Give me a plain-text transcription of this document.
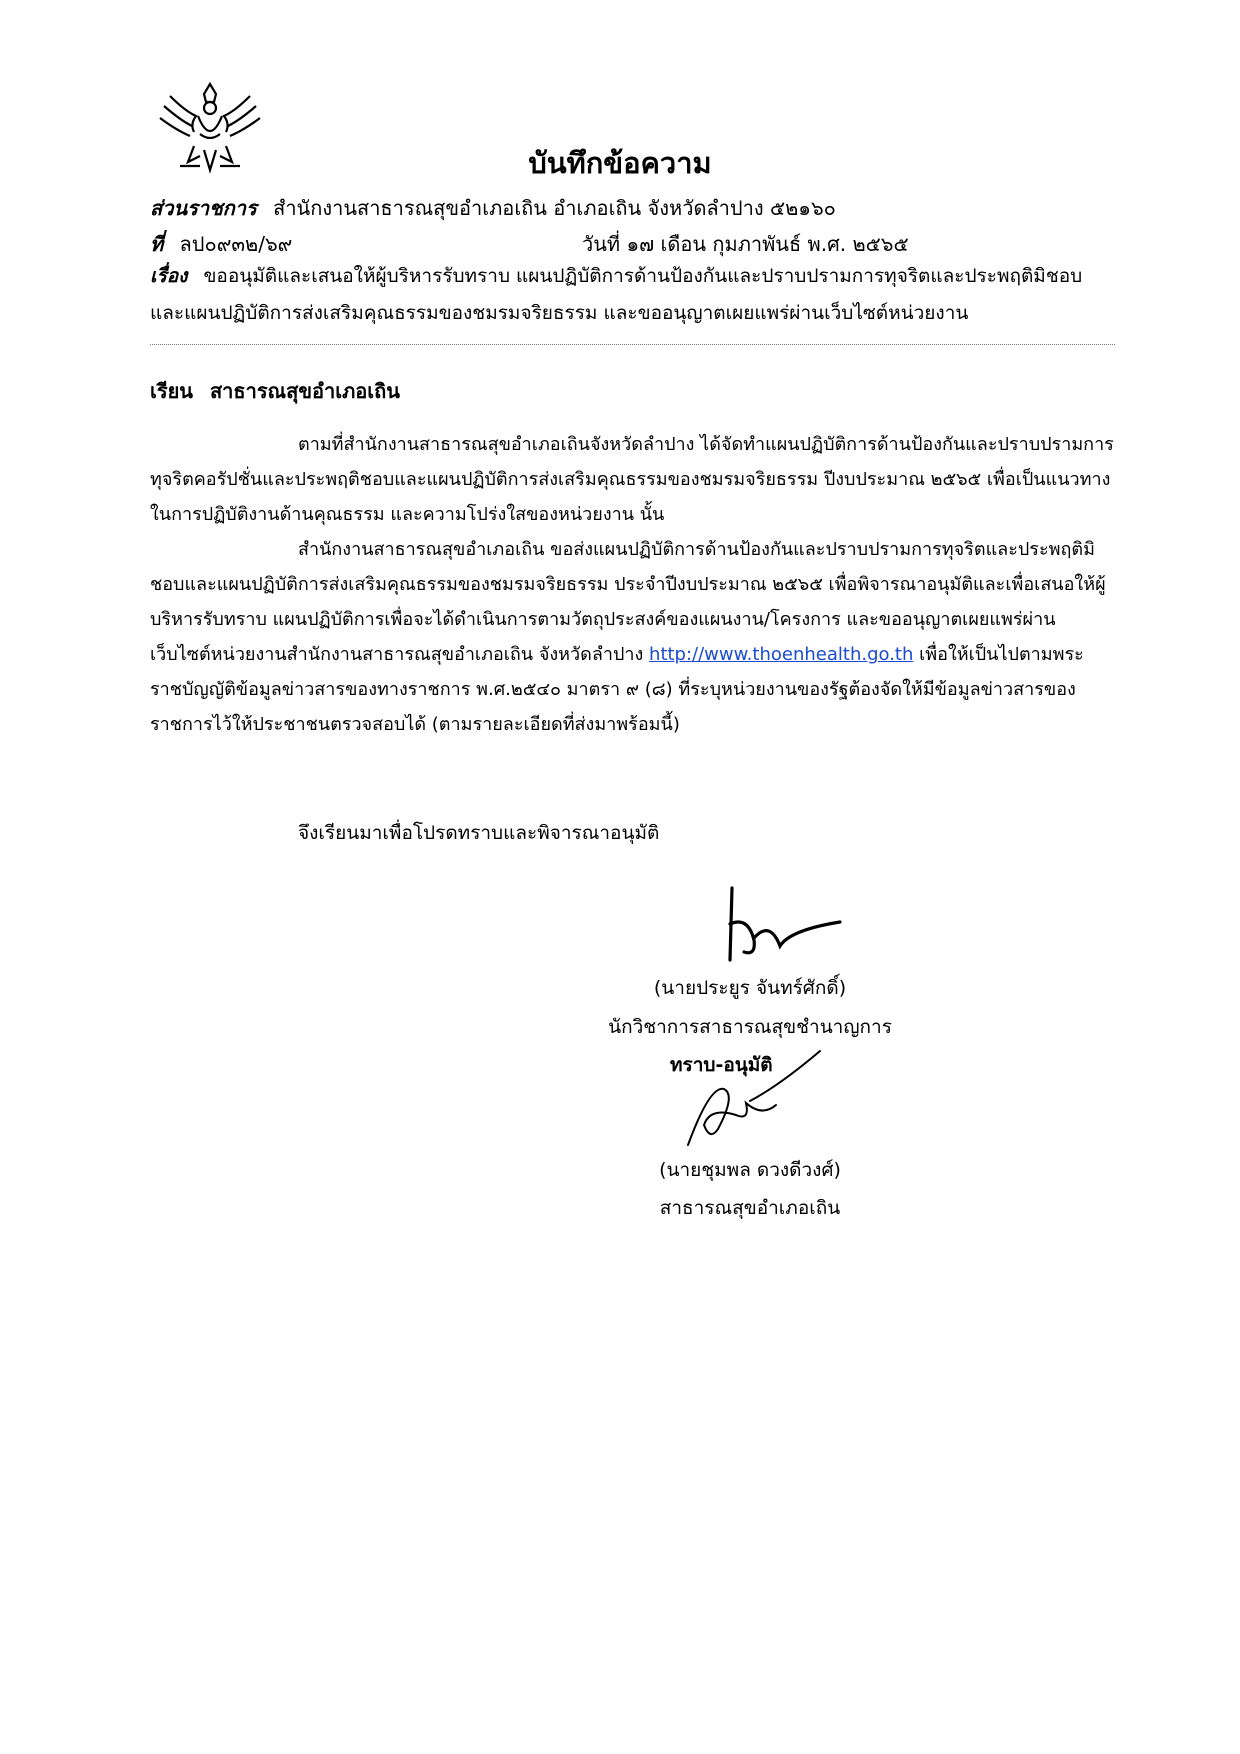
บันทึกข้อความ
ส่วนราชการ สำนักงานสาธารณสุขอำเภอเถิน อำเภอเถิน จังหวัดลำปาง ๕๒๑๖๐
ที่ ลป๐๙๓๒/๖๙	วันที่ ๑๗ เดือน กุมภาพันธ์ พ.ศ. ๒๕๖๕
เรื่อง ขออนุมัติและเสนอให้ผู้บริหารรับทราบ แผนปฏิบัติการด้านป้องกันและปราบปรามการทุจริตและประพฤติมิชอบและแผนปฏิบัติการส่งเสริมคุณธรรมของชมรมจริยธรรม และขออนุญาตเผยแพร่ผ่านเว็บไซต์หน่วยงาน
เรียน สาธารณสุขอำเภอเถิน

ตามที่สำนักงานสาธารณสุขอำเภอเถินจังหวัดลำปาง ได้จัดทำแผนปฏิบัติการด้านป้องกันและปราบปรามการทุจริตคอรัปชั่นและประพฤติชอบและแผนปฏิบัติการส่งเสริมคุณธรรมของชมรมจริยธรรม ปีงบประมาณ ๒๕๖๕ เพื่อเป็นแนวทางในการปฏิบัติงานด้านคุณธรรม และความโปร่งใสของหน่วยงาน นั้น

สำนักงานสาธารณสุขอำเภอเถิน ขอส่งแผนปฏิบัติการด้านป้องกันและปราบปรามการทุจริตและประพฤติมิชอบและแผนปฏิบัติการส่งเสริมคุณธรรมของชมรมจริยธรรม ประจำปีงบประมาณ ๒๕๖๕ เพื่อพิจารณาอนุมัติและเพื่อเสนอให้ผู้บริหารรับทราบ แผนปฏิบัติการเพื่อจะได้ดำเนินการตามวัตถุประสงค์ของแผนงาน/โครงการ และขออนุญาตเผยแพร่ผ่านเว็บไซต์หน่วยงานสำนักงานสาธารณสุขอำเภอเถิน จังหวัดลำปาง http://www.thoenhealth.go.th เพื่อให้เป็นไปตามพระราชบัญญัติข้อมูลข่าวสารของทางราชการ พ.ศ.๒๕๔๐ มาตรา ๙ (๘) ที่ระบุหน่วยงานของรัฐต้องจัดให้มีข้อมูลข่าวสารของราชการไว้ให้ประชาชนตรวจสอบได้ (ตามรายละเอียดที่ส่งมาพร้อมนี้)

จึงเรียนมาเพื่อโปรดทราบและพิจารณาอนุมัติ
(นายประยูร จันทร์ศักดิ์)
นักวิชาการสาธารณสุขชำนาญการ
ทราบ-อนุมัติ
(นายชุมพล ดวงดีวงศ์)
สาธารณสุขอำเภอเถิน
